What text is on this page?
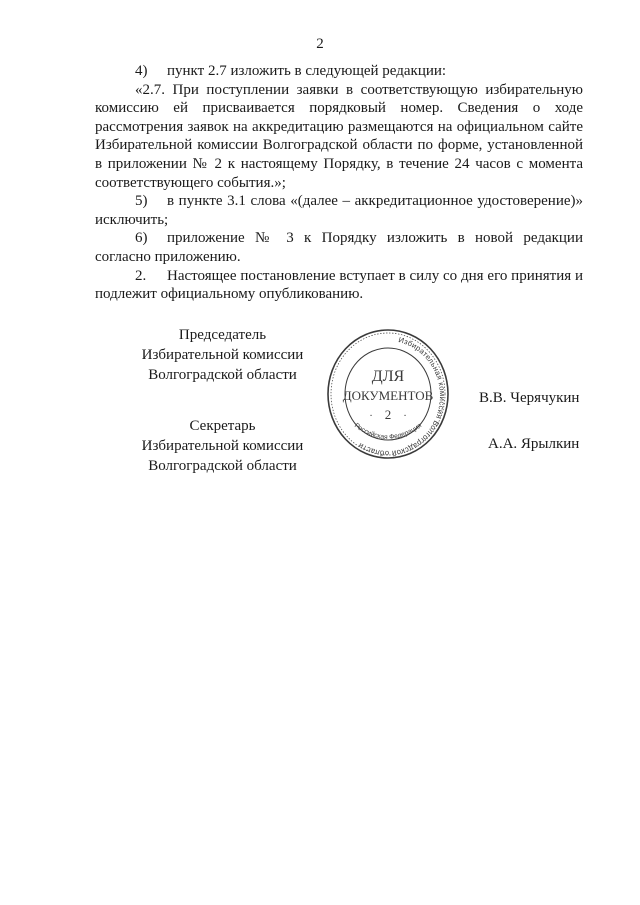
2

4) пункт 2.7 изложить в следующей редакции:

«2.7. При поступлении заявки в соответствующую избирательную комиссию ей присваивается порядковый номер. Сведения о ходе рассмотрения заявок на аккредитацию размещаются на официальном сайте Избирательной комиссии Волгоградской области по форме, установленной в приложении № 2 к настоящему Порядку, в течение 24 часов с момента соответствующего события.»;

5) в пункте 3.1 слова «(далее – аккредитационное удостоверение)» исключить;

6) приложение № 3 к Порядку изложить в новой редакции согласно приложению.

2. Настоящее постановление вступает в силу со дня его принятия и подлежит официальному опубликованию.

Председатель
Избирательной комиссии
Волгоградской области
В.В. Черячукин
Секретарь
Избирательной комиссии
Волгоградской области
А.А. Ярылкин
Избирательная комиссия Волгоградской области
Российская Федерация
ДЛЯ
ДОКУМЕНТОВ
2
·	·
